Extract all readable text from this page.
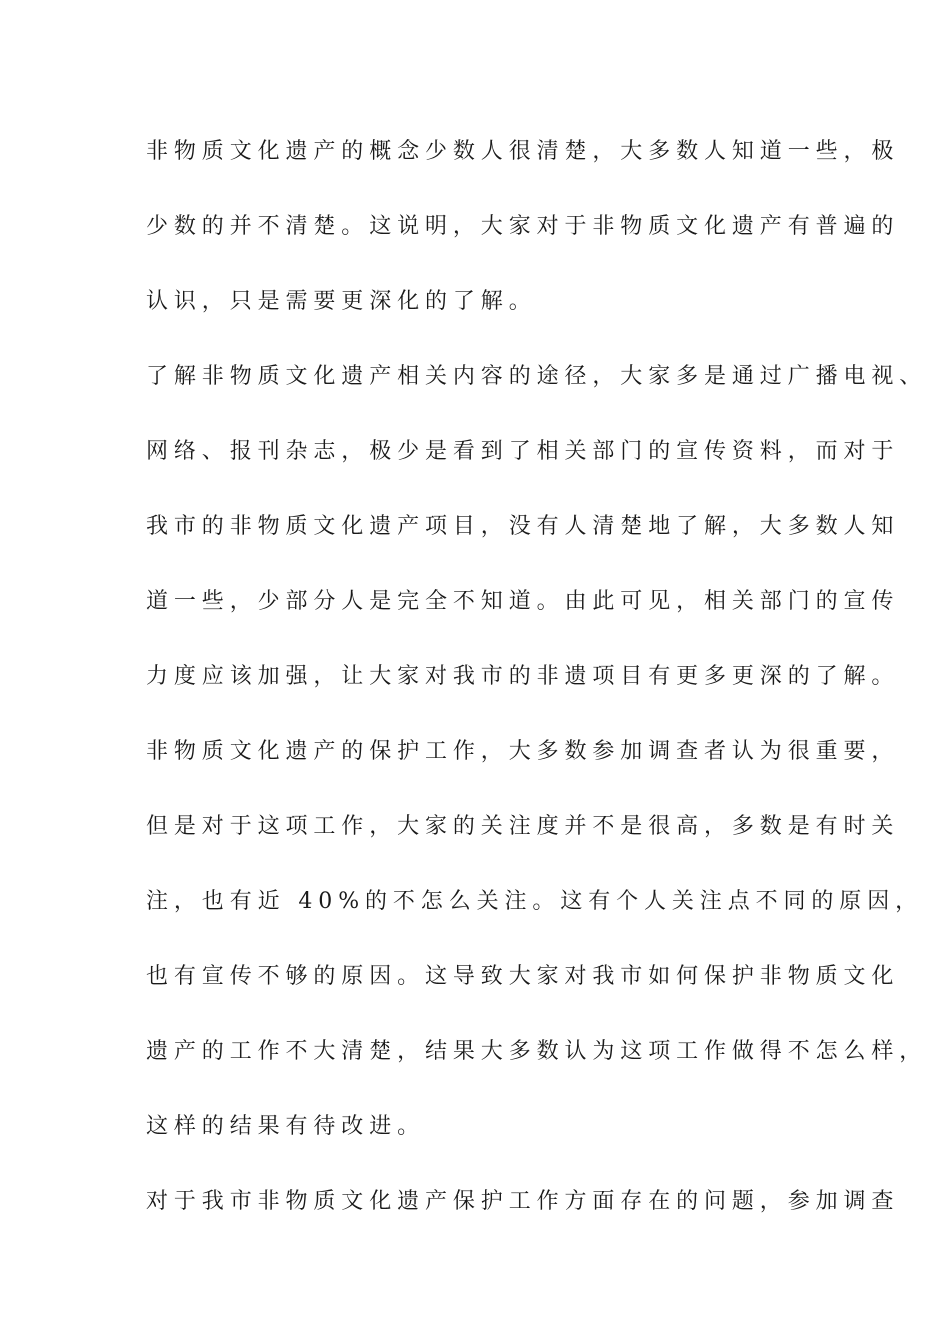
非物质文化遗产的概念少数人很清楚，大多数人知道一些，极
少数的并不清楚。这说明，大家对于非物质文化遗产有普遍的
认识，只是需要更深化的了解。
了解非物质文化遗产相关内容的途径，大家多是通过广播电视、
网络、报刊杂志，极少是看到了相关部门的宣传资料，而对于
我市的非物质文化遗产项目，没有人清楚地了解，大多数人知
道一些，少部分人是完全不知道。由此可见，相关部门的宣传
力度应该加强，让大家对我市的非遗项目有更多更深的了解。
非物质文化遗产的保护工作，大多数参加调查者认为很重要，
但是对于这项工作，大家的关注度并不是很高，多数是有时关
注，也有近 40%的不怎么关注。这有个人关注点不同的原因，
也有宣传不够的原因。这导致大家对我市如何保护非物质文化
遗产的工作不大清楚，结果大多数认为这项工作做得不怎么样，
这样的结果有待改进。
对于我市非物质文化遗产保护工作方面存在的问题，参加调查
